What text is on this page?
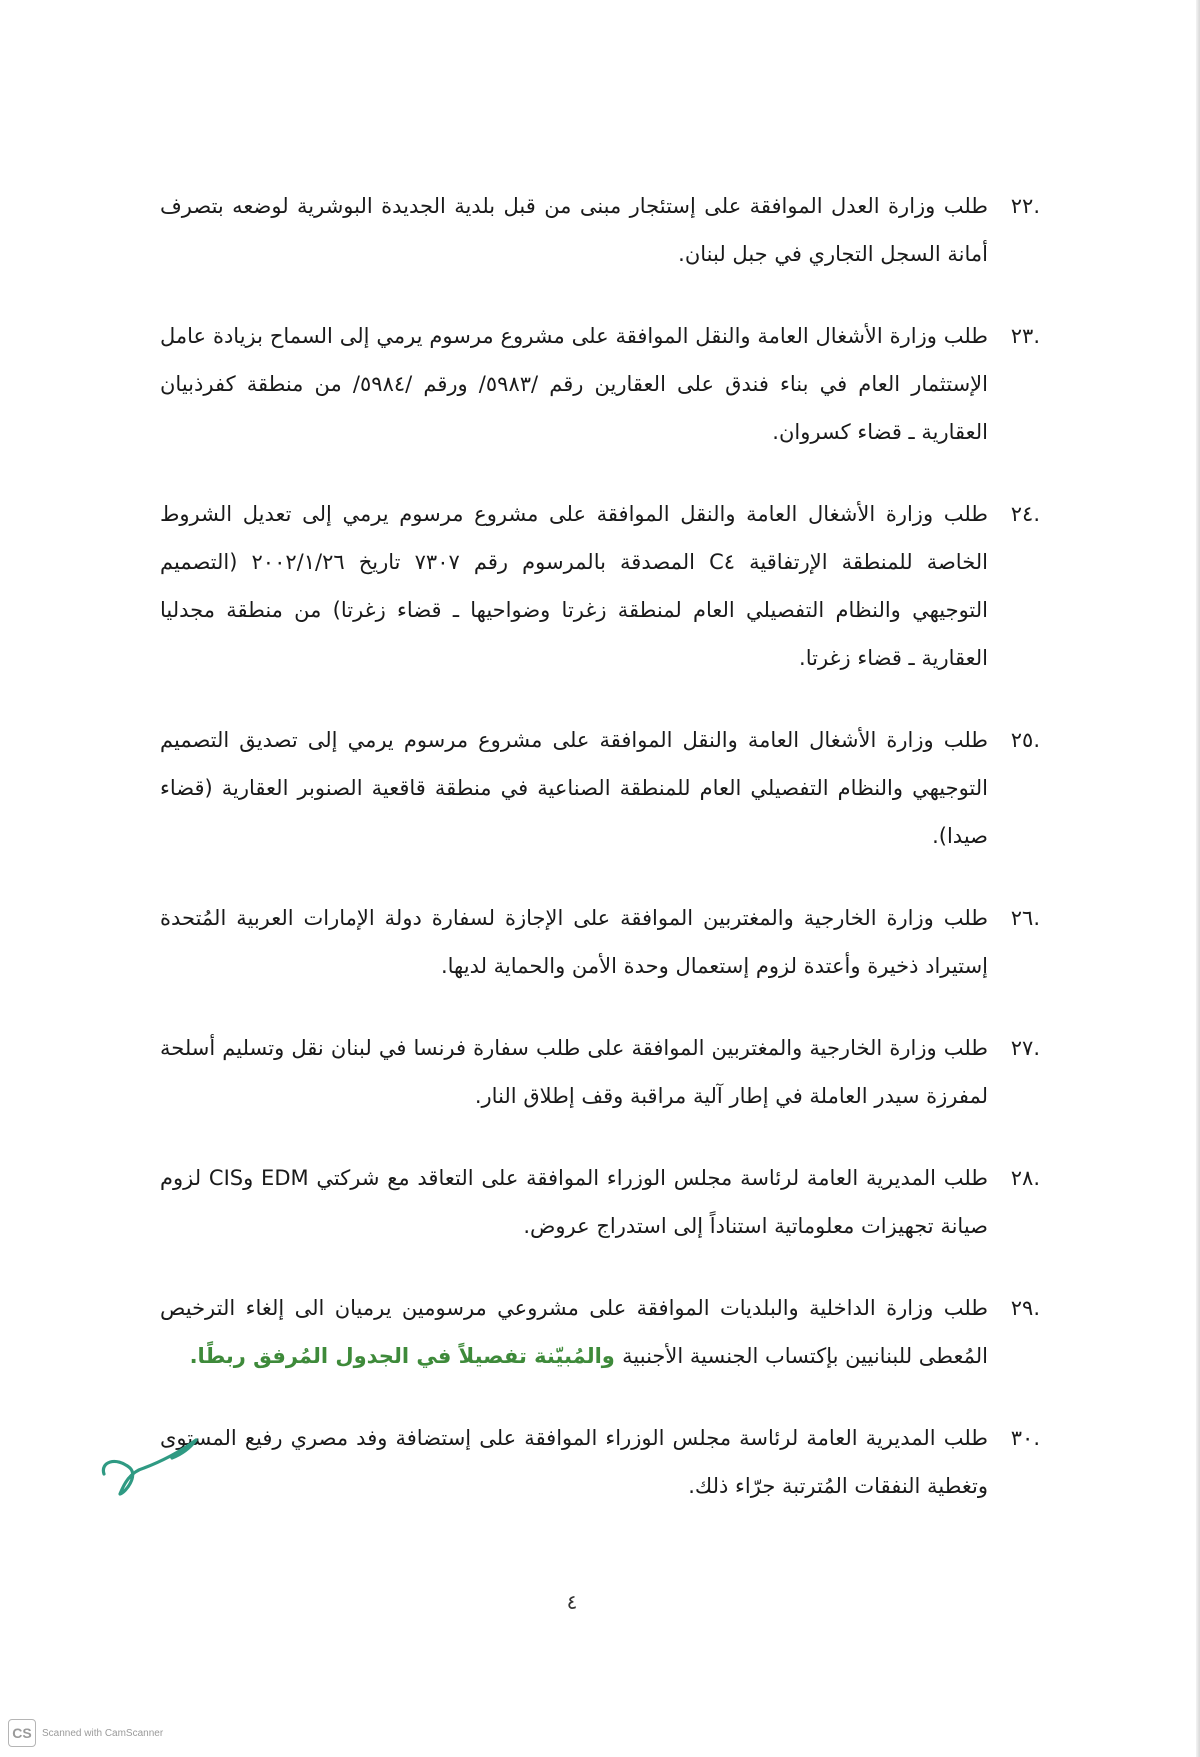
.٢٢
طلب وزارة العدل الموافقة على إستئجار مبنى من قبل بلدية الجديدة البوشرية لوضعه بتصرف أمانة السجل التجاري في جبل لبنان.
.٢٣
طلب وزارة الأشغال العامة والنقل الموافقة على مشروع مرسوم يرمي إلى السماح بزيادة عامل الإستثمار العام في بناء فندق على العقارين رقم /٥٩٨٣/ ورقم /٥٩٨٤/ من منطقة كفرذبيان العقارية ـ قضاء كسروان.
.٢٤
طلب وزارة الأشغال العامة والنقل الموافقة على مشروع مرسوم يرمي إلى تعديل الشروط الخاصة للمنطقة الإرتفاقية C٤ المصدقة بالمرسوم رقم ٧٣٠٧ تاريخ ٢٠٠٢/١/٢٦ (التصميم التوجيهي والنظام التفصيلي العام لمنطقة زغرتا وضواحيها ـ قضاء زغرتا) من منطقة مجدليا العقارية ـ قضاء زغرتا.
.٢٥
طلب وزارة الأشغال العامة والنقل الموافقة على مشروع مرسوم يرمي إلى تصديق التصميم التوجيهي والنظام التفصيلي العام للمنطقة الصناعية في منطقة قاقعية الصنوبر العقارية (قضاء صيدا).
.٢٦
طلب وزارة الخارجية والمغتربين الموافقة على الإجازة لسفارة دولة الإمارات العربية المُتحدة إستيراد ذخيرة وأعتدة لزوم إستعمال وحدة الأمن والحماية لديها.
.٢٧
طلب وزارة الخارجية والمغتربين الموافقة على طلب سفارة فرنسا في لبنان نقل وتسليم أسلحة لمفرزة سيدر العاملة في إطار آلية مراقبة وقف إطلاق النار.
.٢٨
طلب المديرية العامة لرئاسة مجلس الوزراء الموافقة على التعاقد مع شركتي EDM وCIS لزوم صيانة تجهيزات معلوماتية استناداً إلى استدراج عروض.
.٢٩
طلب وزارة الداخلية والبلديات الموافقة على مشروعي مرسومين يرميان الى إلغاء الترخيص المُعطى للبنانيين بإكتساب الجنسية الأجنبية والمُبيّنة تفصيلاً في الجدول المُرفق ربطًا.
.٣٠
طلب المديرية العامة لرئاسة مجلس الوزراء الموافقة على إستضافة وفد مصري رفيع المستوى وتغطية النفقات المُترتبة جرّاء ذلك.
٤
CS	Scanned with CamScanner
